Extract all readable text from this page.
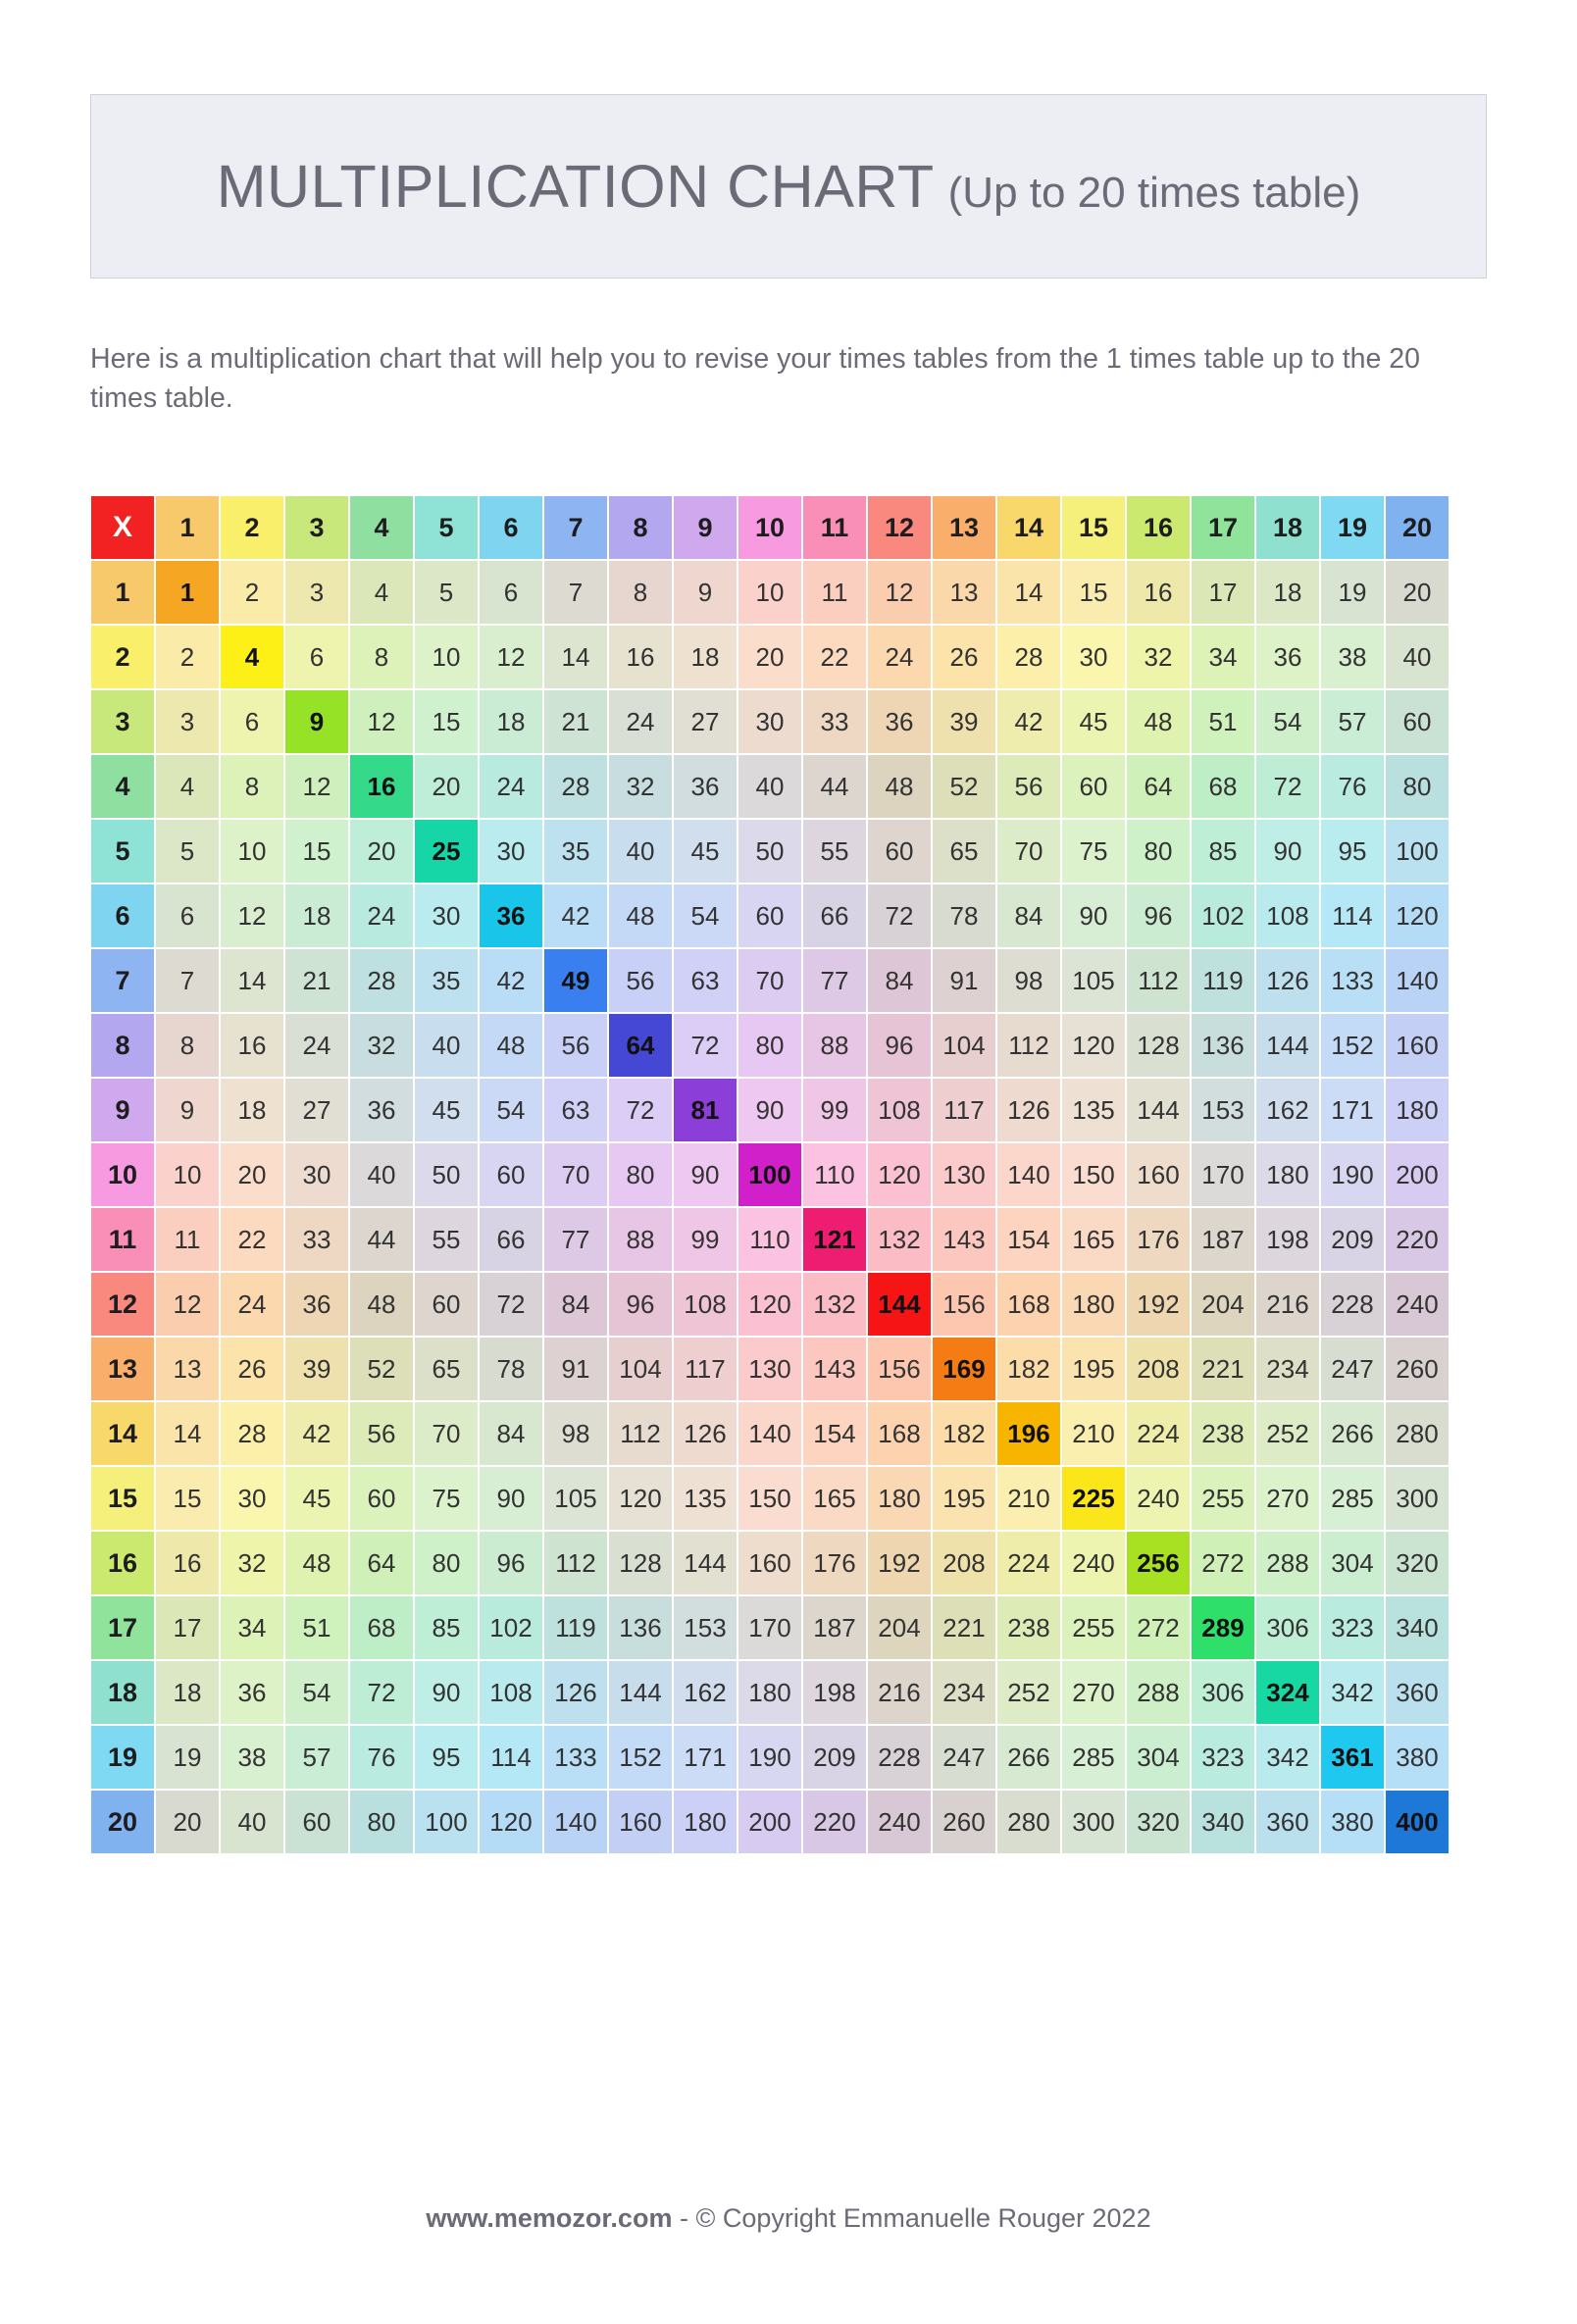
MULTIPLICATION CHART (Up to 20 times table)

Here is a multiplication chart that will help you to revise your times tables from the 1 times table up to the 20 times table.

X	1	2	3	4	5	6	7	8	9	10	11	12	13	14	15	16	17	18	19	20
1	1	2	3	4	5	6	7	8	9	10	11	12	13	14	15	16	17	18	19	20
2	2	4	6	8	10	12	14	16	18	20	22	24	26	28	30	32	34	36	38	40
3	3	6	9	12	15	18	21	24	27	30	33	36	39	42	45	48	51	54	57	60
4	4	8	12	16	20	24	28	32	36	40	44	48	52	56	60	64	68	72	76	80
5	5	10	15	20	25	30	35	40	45	50	55	60	65	70	75	80	85	90	95	100
6	6	12	18	24	30	36	42	48	54	60	66	72	78	84	90	96	102	108	114	120
7	7	14	21	28	35	42	49	56	63	70	77	84	91	98	105	112	119	126	133	140
8	8	16	24	32	40	48	56	64	72	80	88	96	104	112	120	128	136	144	152	160
9	9	18	27	36	45	54	63	72	81	90	99	108	117	126	135	144	153	162	171	180
10	10	20	30	40	50	60	70	80	90	100	110	120	130	140	150	160	170	180	190	200
11	11	22	33	44	55	66	77	88	99	110	121	132	143	154	165	176	187	198	209	220
12	12	24	36	48	60	72	84	96	108	120	132	144	156	168	180	192	204	216	228	240
13	13	26	39	52	65	78	91	104	117	130	143	156	169	182	195	208	221	234	247	260
14	14	28	42	56	70	84	98	112	126	140	154	168	182	196	210	224	238	252	266	280
15	15	30	45	60	75	90	105	120	135	150	165	180	195	210	225	240	255	270	285	300
16	16	32	48	64	80	96	112	128	144	160	176	192	208	224	240	256	272	288	304	320
17	17	34	51	68	85	102	119	136	153	170	187	204	221	238	255	272	289	306	323	340
18	18	36	54	72	90	108	126	144	162	180	198	216	234	252	270	288	306	324	342	360
19	19	38	57	76	95	114	133	152	171	190	209	228	247	266	285	304	323	342	361	380
20	20	40	60	80	100	120	140	160	180	200	220	240	260	280	300	320	340	360	380	400
www.memozor.com - © Copyright Emmanuelle Rouger 2022
